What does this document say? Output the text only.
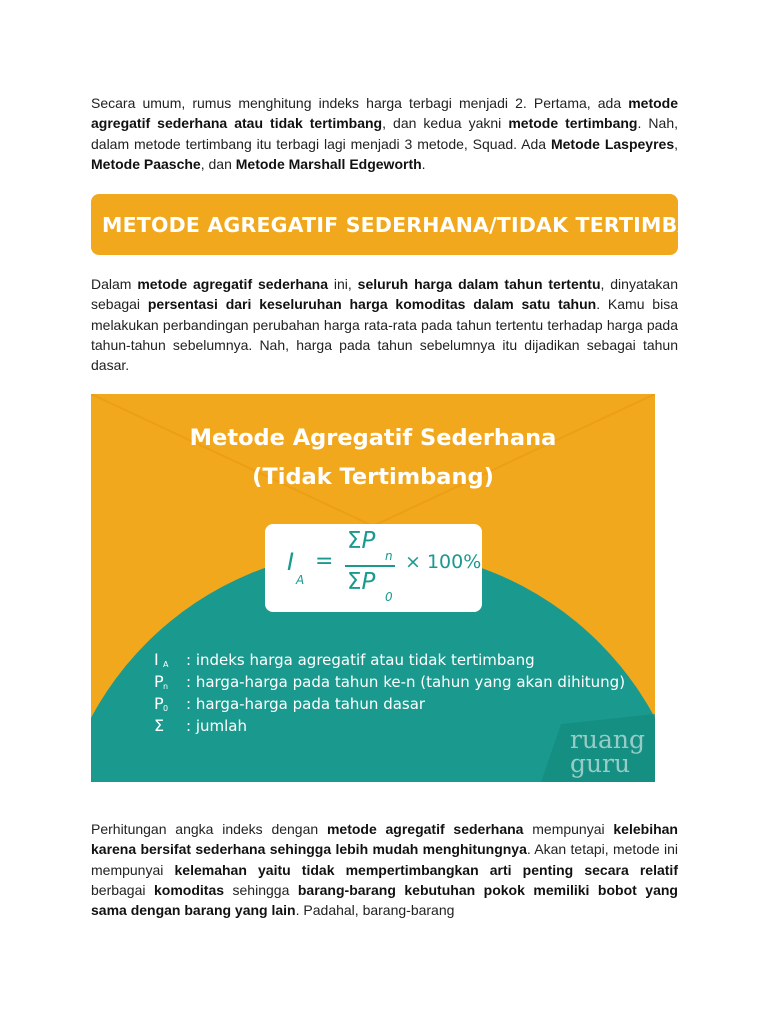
Secara umum, rumus menghitung indeks harga terbagi menjadi 2. Pertama, ada metode agregatif sederhana atau tidak tertimbang, dan kedua yakni metode tertimbang. Nah, dalam metode tertimbang itu terbagi lagi menjadi 3 metode, Squad. Ada Metode Laspeyres, Metode Paasche, dan Metode Marshall Edgeworth.

METODE AGREGATIF SEDERHANA/TIDAK TERTIMBANG

Dalam metode agregatif sederhana ini, seluruh harga dalam tahun tertentu, dinyatakan sebagai persentasi dari keseluruhan harga komoditas dalam satu tahun. Kamu bisa melakukan perbandingan perubahan harga rata-rata pada tahun tertentu terhadap harga pada tahun-tahun sebelumnya. Nah, harga pada tahun sebelumnya itu dijadikan sebagai tahun dasar.

Metode Agregatif Sederhana
(Tidak Tertimbang)
I
A
=
ΣP
n
ΣP
0
× 100%
I A : indeks harga agregatif atau tidak tertimbang
P n : harga-harga pada tahun ke-n (tahun yang akan dihitung)
P 0 : harga-harga pada tahun dasar
Σ : jumlah	ruang
guru

Perhitungan angka indeks dengan metode agregatif sederhana mempunyai kelebihan karena bersifat sederhana sehingga lebih mudah menghitungnya. Akan tetapi, metode ini mempunyai kelemahan yaitu tidak mempertimbangkan arti penting secara relatif berbagai komoditas sehingga barang-barang kebutuhan pokok memiliki bobot yang sama dengan barang yang lain. Padahal, barang-barang
